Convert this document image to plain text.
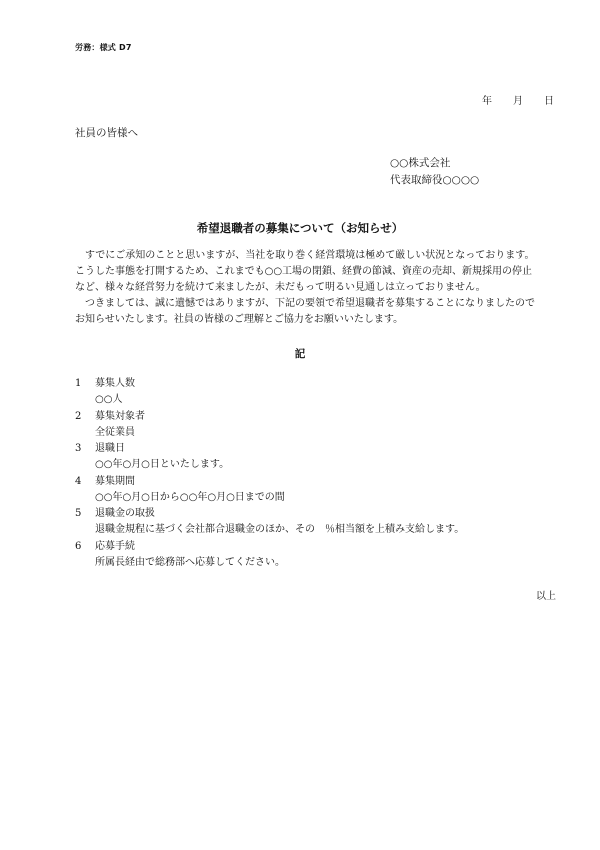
労務：様式 D7
年 月 日
社員の皆様へ
○○株式会社
代表取締役○○○○
希望退職者の募集について（お知らせ）

　すでにご承知のことと思いますが、当社を取り巻く経営環境は極めて厳しい状況となっております。

こうした事態を打開するため、これまでも○○工場の閉鎖、経費の節減、資産の売却、新規採用の停止

など、様々な経営努力を続けて来ましたが、未だもって明るい見通しは立っておりません。

　つきましては、誠に遺憾ではありますが、下記の要領で希望退職者を募集することになりましたので

お知らせいたします。社員の皆様のご理解とご協力をお願いいたします。

記
1	募集人数
○○人
2	募集対象者
全従業員
3	退職日
○○年○月○日といたします。
4	募集期間
○○年○月○日から○○年○月○日までの間
5	退職金の取扱
退職金規程に基づく会社都合退職金のほか、その　％相当額を上積み支給します。
6	応募手続
所属長経由で総務部へ応募してください。
以上
